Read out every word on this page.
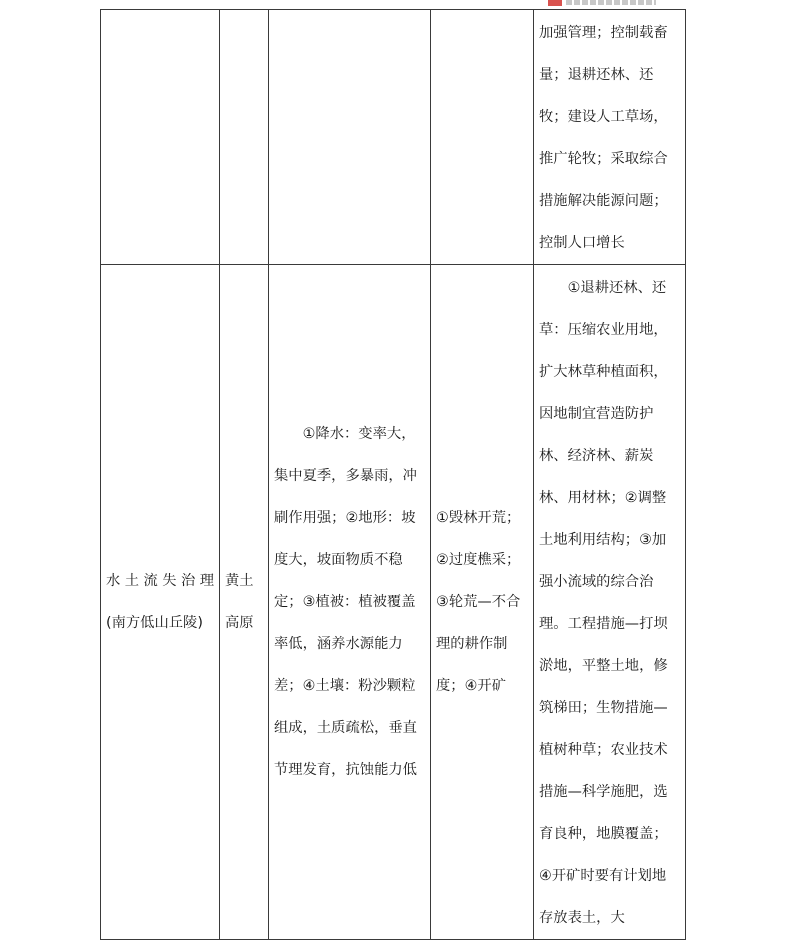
				加强管理；控制载畜量；退耕还林、还牧；建设人工草场，推广轮牧；采取综合措施解决能源问题；控制人口增长

水土流失治理
(南方低山丘陵)	黄土高原	①降水：变率大，集中夏季，多暴雨，冲刷作用强；②地形：坡度大，坡面物质不稳定；③植被：植被覆盖率低，涵养水源能力差；④土壤：粉沙颗粒组成，土质疏松，垂直节理发育，抗蚀能力低	①毁林开荒；②过度樵采；③轮荒—不合理的耕作制度；④开矿	①退耕还林、还草：压缩农业用地，扩大林草种植面积，因地制宜营造防护林、经济林、薪炭林、用材林；②调整土地利用结构；③加强小流域的综合治理。工程措施—打坝淤地，平整土地，修筑梯田；生物措施—植树种草；农业技术措施—科学施肥，选育良种，地膜覆盖；④开矿时要有计划地存放表土，大
